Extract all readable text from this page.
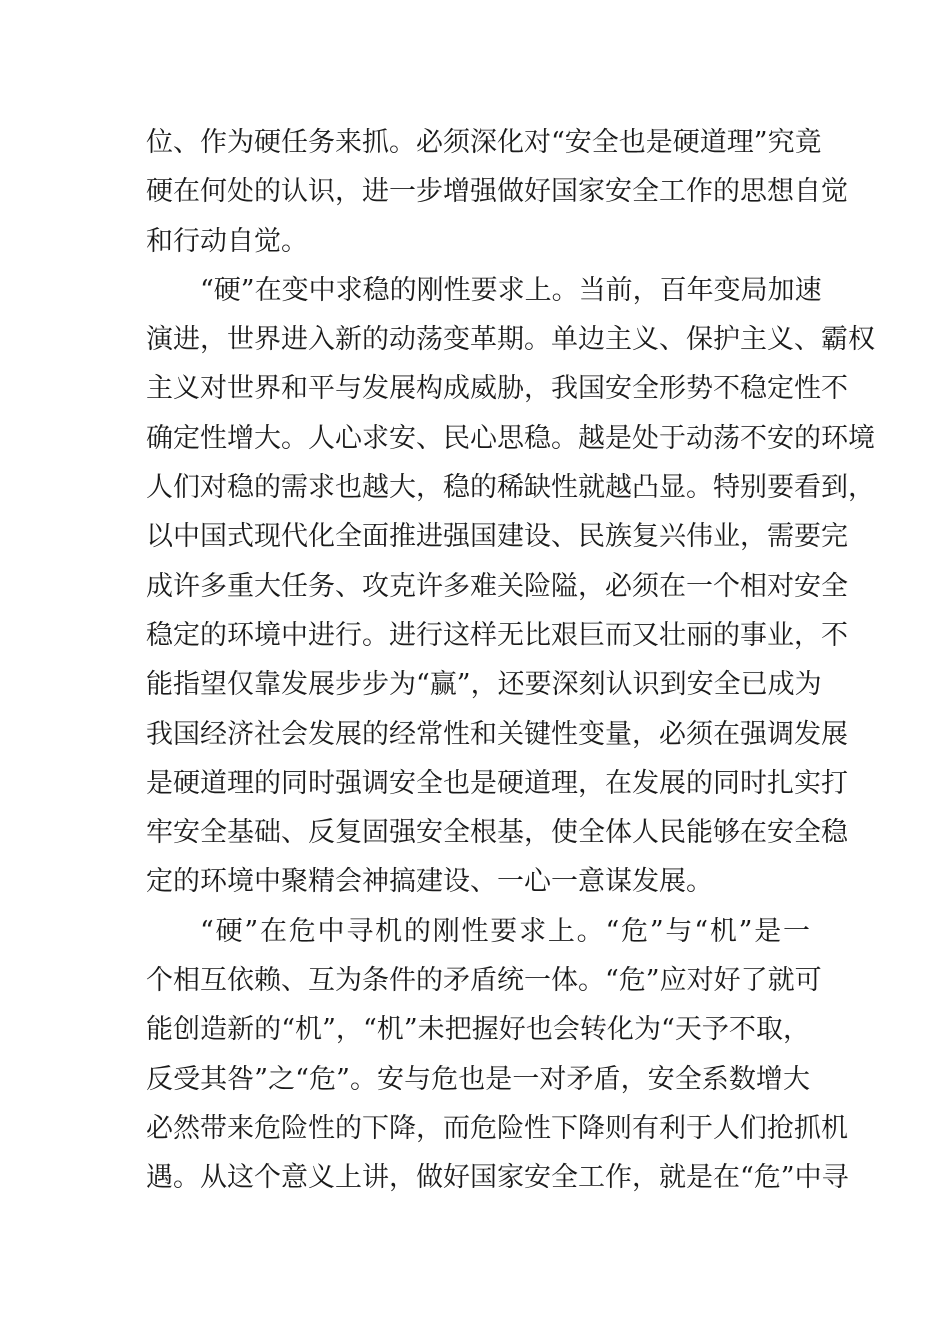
位、作为硬任务来抓。必须深化对“安全也是硬道理”究竟
硬在何处的认识，进一步增强做好国家安全工作的思想自觉
和行动自觉。
“硬”在变中求稳的刚性要求上。当前，百年变局加速
演进，世界进入新的动荡变革期。单边主义、保护主义、霸权
主义对世界和平与发展构成威胁，我国安全形势不稳定性不
确定性增大。人心求安、民心思稳。越是处于动荡不安的环境
人们对稳的需求也越大，稳的稀缺性就越凸显。特别要看到，
以中国式现代化全面推进强国建设、民族复兴伟业，需要完
成许多重大任务、攻克许多难关险隘，必须在一个相对安全
稳定的环境中进行。进行这样无比艰巨而又壮丽的事业，不
能指望仅靠发展步步为“赢”，还要深刻认识到安全已成为
我国经济社会发展的经常性和关键性变量，必须在强调发展
是硬道理的同时强调安全也是硬道理，在发展的同时扎实打
牢安全基础、反复固强安全根基，使全体人民能够在安全稳
定的环境中聚精会神搞建设、一心一意谋发展。
“硬”在危中寻机的刚性要求上。“危”与“机”是一
个相互依赖、互为条件的矛盾统一体。“危”应对好了就可
能创造新的“机”，“机”未把握好也会转化为“天予不取，
反受其咎”之“危”。安与危也是一对矛盾，安全系数增大
必然带来危险性的下降，而危险性下降则有利于人们抢抓机
遇。从这个意义上讲，做好国家安全工作，就是在“危”中寻
